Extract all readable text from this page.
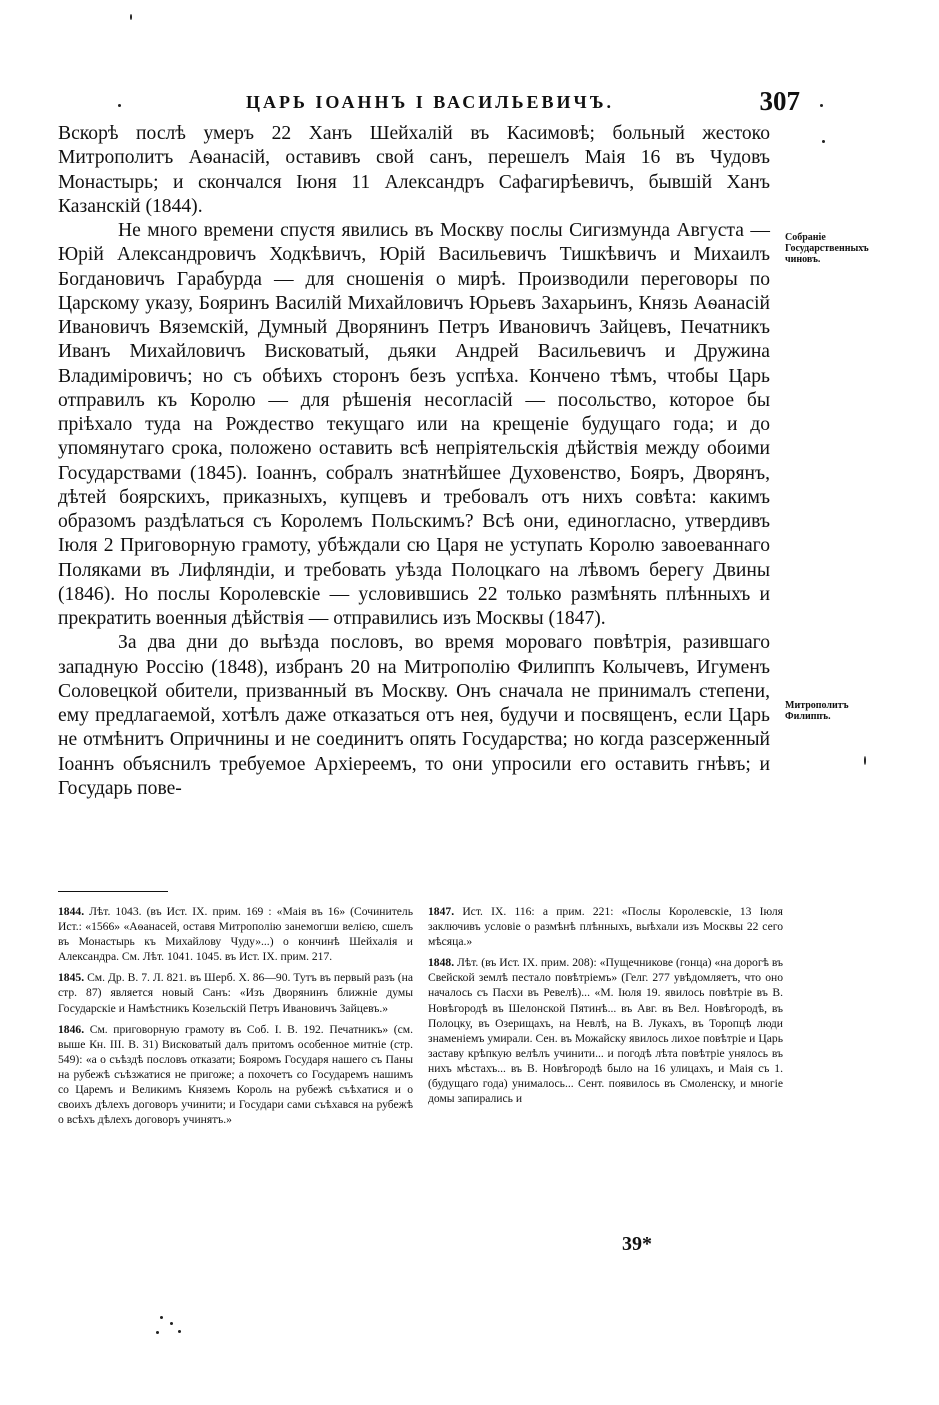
ЦАРЬ ІОАННЪ І ВАСИЛЬЕВИЧЪ.	307

Вскорѣ послѣ умеръ 22 Ханъ Шейхалій въ Касимовѣ; больный жестоко Митрополитъ Аѳанасій, оставивъ свой санъ, перешелъ Маія 16 въ Чудовъ Монастырь; и скончался Іюня 11 Александръ Сафагирѣевичъ, бывшій Ханъ Казанскій (1844).

Не много времени спустя явились въ Москву послы Сигизмунда Августа — Юрій Александровичъ Ходкѣвичъ, Юрій Васильевичъ Тишкѣвичъ и Михаилъ Богдановичъ Гарабурда — для сношенія о мирѣ. Производили переговоры по Царскому указу, Бояринъ Василій Михайловичъ Юрьевъ Захарьинъ, Князь Аѳанасій Ивановичъ Вяземскій, Думный Дворянинъ Петръ Ивановичъ Зайцевъ, Печатникъ Иванъ Михайловичъ Висковатый, дьяки Андрей Васильевичъ и Дружина Владиміровичъ; но съ обѣихъ сторонъ безъ успѣха. Кончено тѣмъ, чтобы Царь отправилъ къ Королю — для рѣшенія несогласій — посольство, которое бы пріѣхало туда на Рождество текущаго или на крещеніе будущаго года; и до упомянутаго срока, положено оставить всѣ непріятельскія дѣйствія между обоими Государствами (1845). Іоаннъ, собралъ знатнѣйшее Духовенство, Бояръ, Дворянъ, дѣтей боярскихъ, приказныхъ, купцевъ и требовалъ отъ нихъ совѣта: какимъ образомъ раздѣлаться съ Королемъ Польскимъ? Всѣ они, единогласно, утвердивъ Іюля 2 Приговорную грамоту, убѣждали сю Царя не уступать Королю завоеваннаго Поляками въ Лифляндіи, и требовать уѣзда Полоцкаго на лѣвомъ берегу Двины (1846). Но послы Королевскіе — условившись 22 только размѣнять плѣнныхъ и прекратить военныя дѣйствія — отправились изъ Москвы (1847).

За два дни до выѣзда пословъ, во время мороваго повѣтрія, разившаго западную Россію (1848), избранъ 20 на Митрополію Филиппъ Колычевъ, Игуменъ Соловецкой обители, призванный въ Москву. Онъ сначала не принималъ степени, ему предлагаемой, хотѣлъ даже отказаться отъ нея, будучи и посвященъ, если Царь не отмѣнитъ Опричнины и не соединитъ опять Государства; но когда разсерженный Іоаннъ объяснилъ требуемое Архіереемъ, то они упросили его оставить гнѣвъ; и Государь пове-

Собраніе Государственныхъ чиновъ.
Митрополитъ Филиппъ.

1844. Лѣт. 1043. (въ Ист. IX. прим. 169 : «Маія въ 16» (Сочинитель Ист.: «1566» «Аѳанасей, оставя Митрополію занемогши велією, сшелъ въ Монастырь къ Михайлову Чуду»...) о кончинѣ Шейхалія и Александра. См. Лѣт. 1041. 1045. въ Ист. IX. прим. 217.

1845. См. Др. В. 7. Л. 821. въ Шерб. Х. 86—90. Тутъ въ первый разъ (на стр. 87) является новый Санъ: «Изъ Дворянинъ ближніе думы Государскіе и Намѣстникъ Козельскій Петръ Ивановичъ Зайцевъ.»

1846. См. приговорную грамоту въ Соб. I. В. 192. Печатникъ» (см. выше Кн. III. В. 31) Висковатый далъ притомъ особенное митніе (стр. 549): «а о съѣздѣ пословъ отказати; Бояромъ Государя нашего съ Паны на рубежѣ съѣзжатися не пригоже; а похочетъ со Государемъ нашимъ со Царемъ и Великимъ Княземъ Король на рубежѣ съѣхатися и о своихъ дѣлехъ договоръ учинити; и Государи сами съѣхався на рубежѣ о всѣхъ дѣлехъ договоръ учинятъ.»

1847. Ист. IX. 116: а прим. 221: «Послы Королевскіе, 13 Іюля заключивъ условіе о размѣнѣ плѣнныхъ, выѣхали изъ Москвы 22 сего мѣсяца.»

1848. Лѣт. (въ Ист. IX. прим. 208): «Пущечникове (гонца) «на дорогѣ въ Свейской землѣ пестало повѣтріемъ» (Гелг. 277 увѣдомляетъ, что оно началось съ Пасхи въ Ревелѣ)... «М. Іюля 19. явилось повѣтріе въ В. Новѣгородѣ въ Шелонской Пятинѣ... въ Авг. въ Вел. Новѣгородѣ, въ Полоцку, въ Озерищахъ, на Невлѣ, на В. Лукахъ, въ Торопцѣ люди знаменіемъ умирали. Сен. въ Можайску явилось лихое повѣтріе и Царь заставу крѣпкую велѣлъ учинити... и погодѣ лѣта повѣтріе унялось въ нихъ мѣстахъ... въ В. Новѣгородѣ было на 16 улицахъ, и Маія съ 1. (будущаго года) унималось... Сент. появилось въ Смоленску, и многіе домы запирались и

39*
